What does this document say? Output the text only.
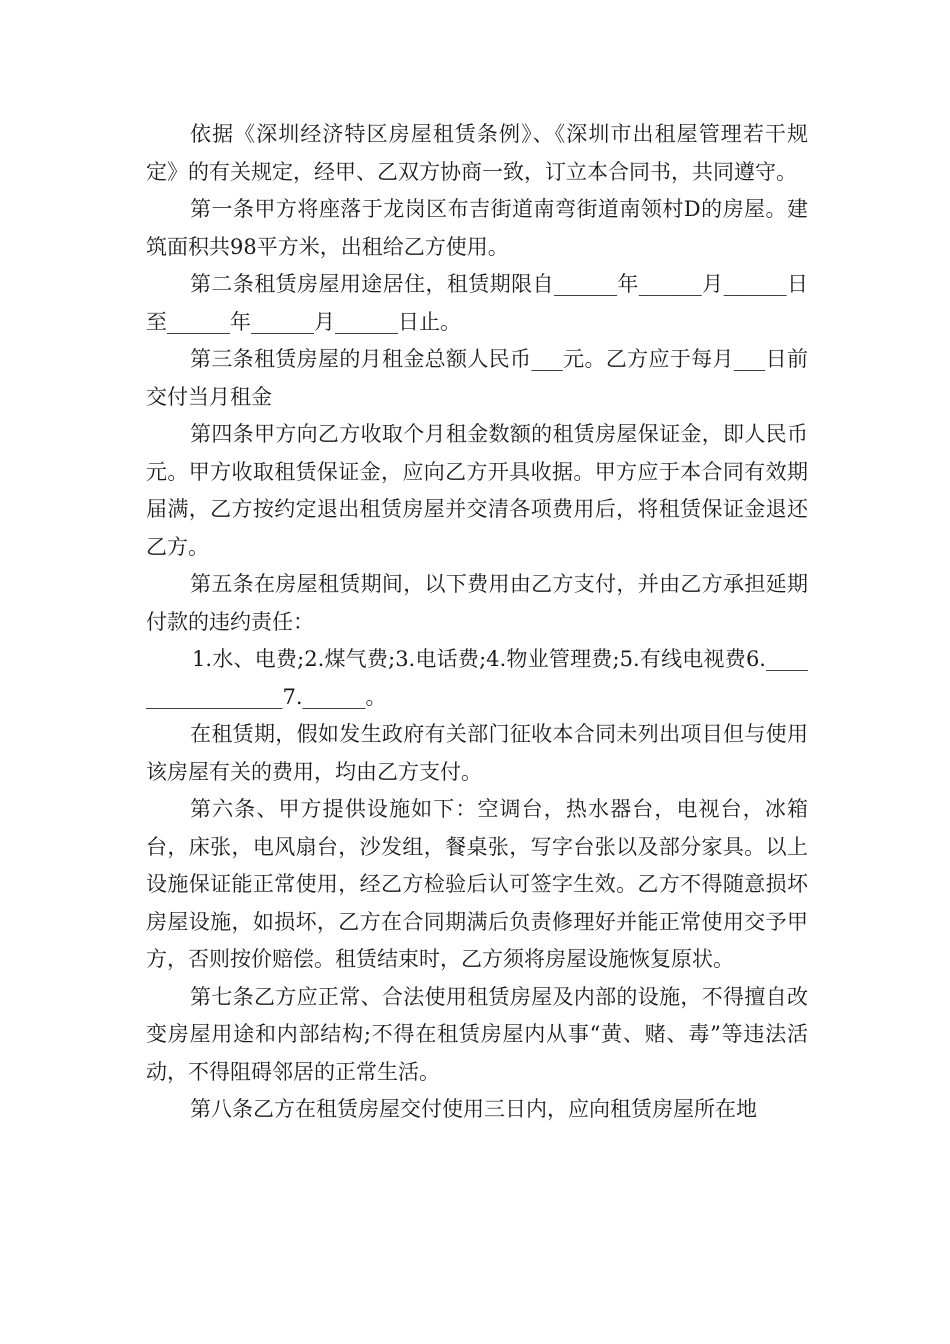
依据《深圳经济特区房屋租赁条例》、《深圳市出租屋管理若干规定》的有关规定，经甲、乙双方协商一致，订立本合同书，共同遵守。

第一条甲方将座落于龙岗区布吉街道南弯街道南领村D的房屋。建筑面积共98平方米，出租给乙方使用。

第二条租赁房屋用途居住，租赁期限自______年______月______日至______年______月______日止。

第三条租赁房屋的月租金总额人民币___元。乙方应于每月___日前交付当月租金

第四条甲方向乙方收取个月租金数额的租赁房屋保证金，即人民币元。甲方收取租赁保证金，应向乙方开具收据。甲方应于本合同有效期届满，乙方按约定退出租赁房屋并交清各项费用后，将租赁保证金退还乙方。

第五条在房屋租赁期间，以下费用由乙方支付，并由乙方承担延期付款的违约责任：

1.水、电费;2.煤气费;3.电话费;4.物业管理费;5.有线电视费6._________________7.______。

在租赁期，假如发生政府有关部门征收本合同未列出项目但与使用该房屋有关的费用，均由乙方支付。

第六条、甲方提供设施如下：空调台，热水器台，电视台，冰箱台，床张，电风扇台，沙发组，餐桌张，写字台张以及部分家具。以上设施保证能正常使用，经乙方检验后认可签字生效。乙方不得随意损坏房屋设施，如损坏，乙方在合同期满后负责修理好并能正常使用交予甲方，否则按价赔偿。租赁结束时，乙方须将房屋设施恢复原状。

第七条乙方应正常、合法使用租赁房屋及内部的设施，不得擅自改变房屋用途和内部结构;不得在租赁房屋内从事“黄、赌、毒”等违法活动，不得阻碍邻居的正常生活。

第八条乙方在租赁房屋交付使用三日内，应向租赁房屋所在地
